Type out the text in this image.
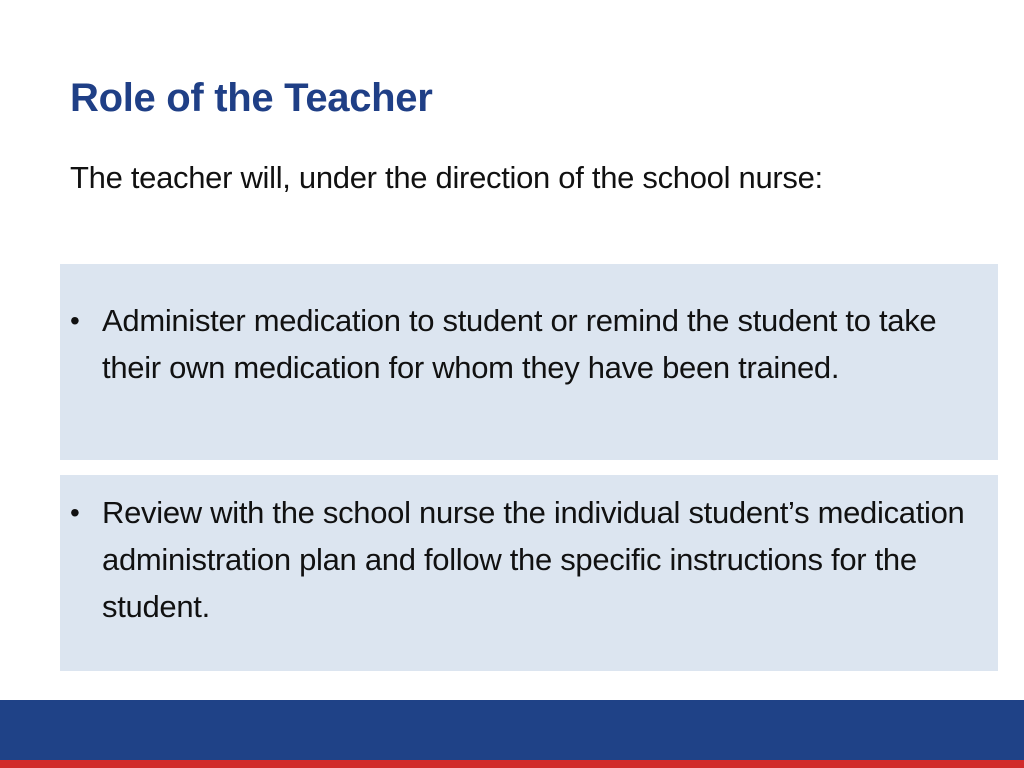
Role of the Teacher

The teacher will, under the direction of the school nurse:

• Administer medication to student or remind the student to take their own medication for whom they have been trained.
• Review with the school nurse the individual student’s medication administration plan and follow the specific instructions for the student.
